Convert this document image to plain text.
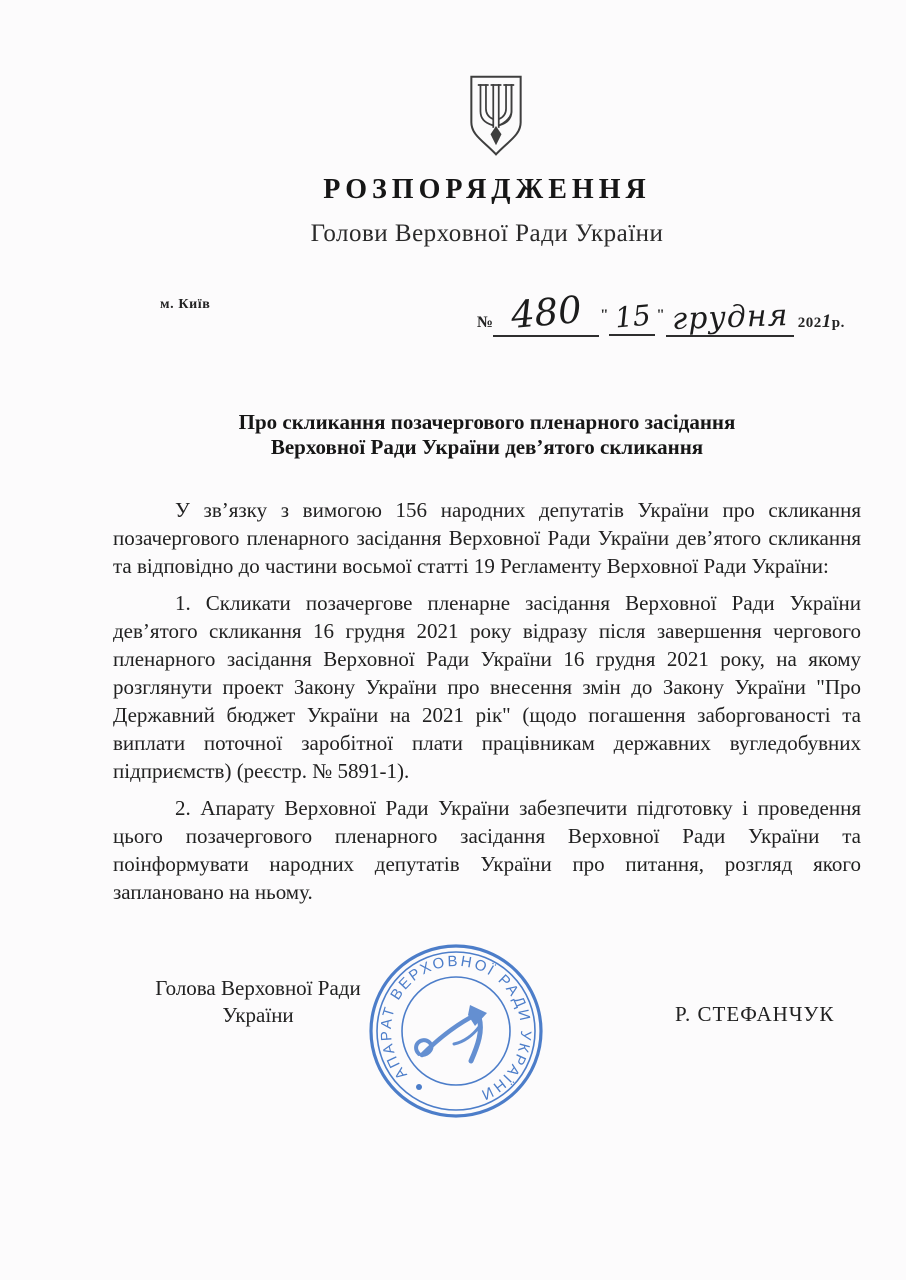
РОЗПОРЯДЖЕННЯ
Голови Верховної Ради України
м. Київ
№ 480 " 15 " грудня 2021р.
Про скликання позачергового пленарного засідання
Верховної Ради України дев’ятого скликання

У зв’язку з вимогою 156 народних депутатів України про скликання позачергового пленарного засідання Верховної Ради України дев’ятого скликання та відповідно до частини восьмої статті 19 Регламенту Верховної Ради України:

1. Скликати позачергове пленарне засідання Верховної Ради України дев’ятого скликання 16 грудня 2021 року відразу після завершення чергового пленарного засідання Верховної Ради України 16 грудня 2021 року, на якому розглянути проект Закону України про внесення змін до Закону України "Про Державний бюджет України на 2021 рік" (щодо погашення заборгованості та виплати поточної заробітної плати працівникам державних вугледобувних підприємств) (реєстр. № 5891-1).

2. Апарату Верховної Ради України забезпечити підготовку і проведення цього позачергового пленарного засідання Верховної Ради України та поінформувати народних депутатів України про питання, розгляд якого заплановано на ньому.

Голова Верховної Ради
України	Р. СТЕФАНЧУК
АПАРАТ ВЕРХОВНОЇ РАДИ УКРАЇНИ
